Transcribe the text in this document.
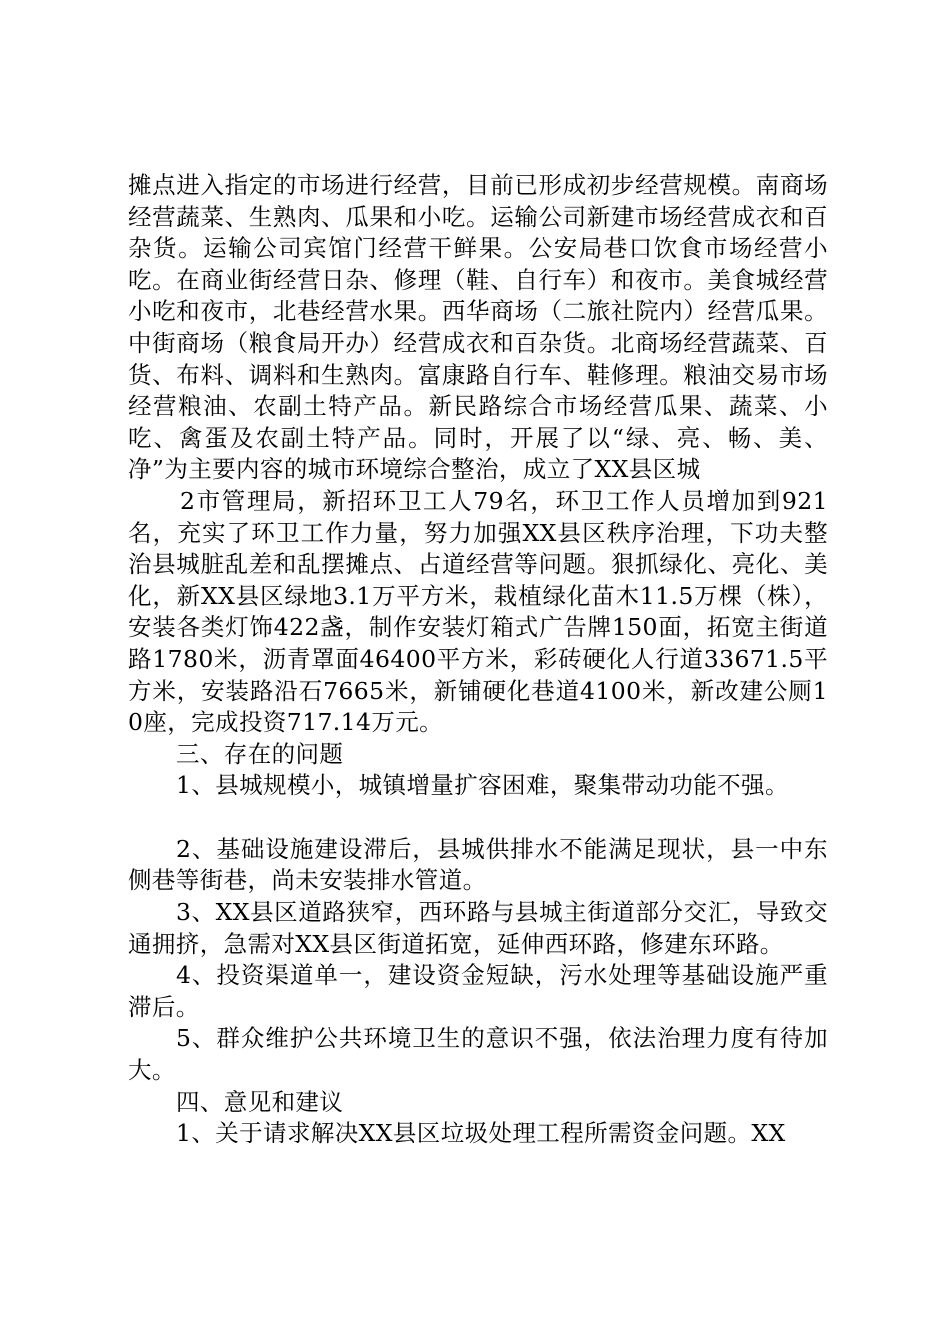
摊点进入指定的市场进行经营，目前已形成初步经营规模。南商场经营蔬菜、生熟肉、瓜果和小吃。运输公司新建市场经营成衣和百杂货。运输公司宾馆门经营干鲜果。公安局巷口饮食市场经营小吃。在商业街经营日杂、修理（鞋、自行车）和夜市。美食城经营小吃和夜市，北巷经营水果。西华商场（二旅社院内）经营瓜果。中街商场（粮食局开办）经营成衣和百杂货。北商场经营蔬菜、百货、布料、调料和生熟肉。富康路自行车、鞋修理。粮油交易市场经营粮油、农副土特产品。新民路综合市场经营瓜果、蔬菜、小吃、禽蛋及农副土特产品。同时，开展了以“绿、亮、畅、美、净”为主要内容的城市环境综合整治，成立了XX县区城

2市管理局，新招环卫工人79名，环卫工作人员增加到921名，充实了环卫工作力量，努力加强XX县区秩序治理，下功夫整治县城脏乱差和乱摆摊点、占道经营等问题。狠抓绿化、亮化、美化，新XX县区绿地3.1万平方米，栽植绿化苗木11.5万棵（株），安装各类灯饰422盏，制作安装灯箱式广告牌150面，拓宽主街道路1780米，沥青罩面46400平方米，彩砖硬化人行道33671.5平方米，安装路沿石7665米，新铺硬化巷道4100米，新改建公厕10座，完成投资717.14万元。

三、存在的问题

1、县城规模小，城镇增量扩容困难，聚集带动功能不强。

2、基础设施建设滞后，县城供排水不能满足现状，县一中东侧巷等街巷，尚未安装排水管道。

3、XX县区道路狭窄，西环路与县城主街道部分交汇，导致交通拥挤，急需对XX县区街道拓宽，延伸西环路，修建东环路。

4、投资渠道单一，建设资金短缺，污水处理等基础设施严重滞后。

5、群众维护公共环境卫生的意识不强，依法治理力度有待加大。

四、意见和建议

1、关于请求解决XX县区垃圾处理工程所需资金问题。XX
